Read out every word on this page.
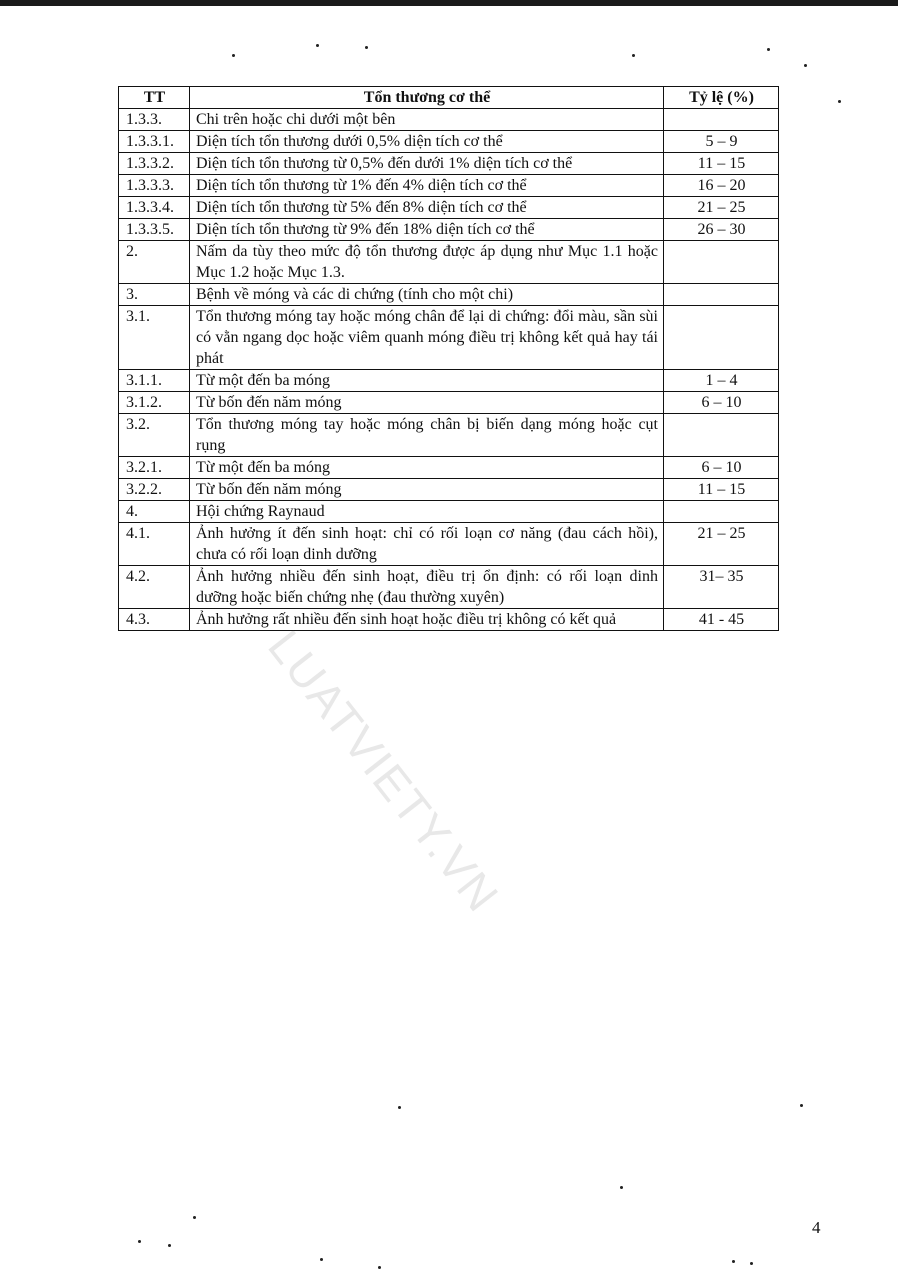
TT	Tổn thương cơ thể	Tỷ lệ (%)
1.3.3.	Chi trên hoặc chi dưới một bên	
1.3.3.1.	Diện tích tổn thương dưới 0,5% diện tích cơ thể	5 – 9
1.3.3.2.	Diện tích tổn thương từ 0,5% đến dưới 1% diện tích cơ thể	11 – 15
1.3.3.3.	Diện tích tổn thương từ 1% đến 4% diện tích cơ thể	16 – 20
1.3.3.4.	Diện tích tổn thương từ 5% đến 8% diện tích cơ thể	21 – 25
1.3.3.5.	Diện tích tổn thương từ 9% đến 18% diện tích cơ thể	26 – 30
2.	Nấm da tùy theo mức độ tổn thương được áp dụng như Mục 1.1 hoặc Mục 1.2 hoặc Mục 1.3.	
3.	Bệnh về móng và các di chứng (tính cho một chi)	
3.1.	Tổn thương móng tay hoặc móng chân để lại di chứng: đổi màu, sần sùi có vằn ngang dọc hoặc viêm quanh móng điều trị không kết quả hay tái phát	
3.1.1.	Từ một đến ba móng	1 – 4
3.1.2.	Từ bốn đến năm móng	6 – 10
3.2.	Tổn thương móng tay hoặc móng chân bị biến dạng móng hoặc cụt rụng	
3.2.1.	Từ một đến ba móng	6 – 10
3.2.2.	Từ bốn đến năm móng	11 – 15
4.	Hội chứng Raynaud	
4.1.	Ảnh hưởng ít đến sinh hoạt: chỉ có rối loạn cơ năng (đau cách hồi), chưa có rối loạn dinh dưỡng	21 – 25
4.2.	Ảnh hưởng nhiều đến sinh hoạt, điều trị ổn định: có rối loạn dinh dưỡng hoặc biến chứng nhẹ (đau thường xuyên)	31– 35
4.3.	Ảnh hưởng rất nhiều đến sinh hoạt hoặc điều trị không có kết quả	41 - 45
LUATVIETY.VN
4
